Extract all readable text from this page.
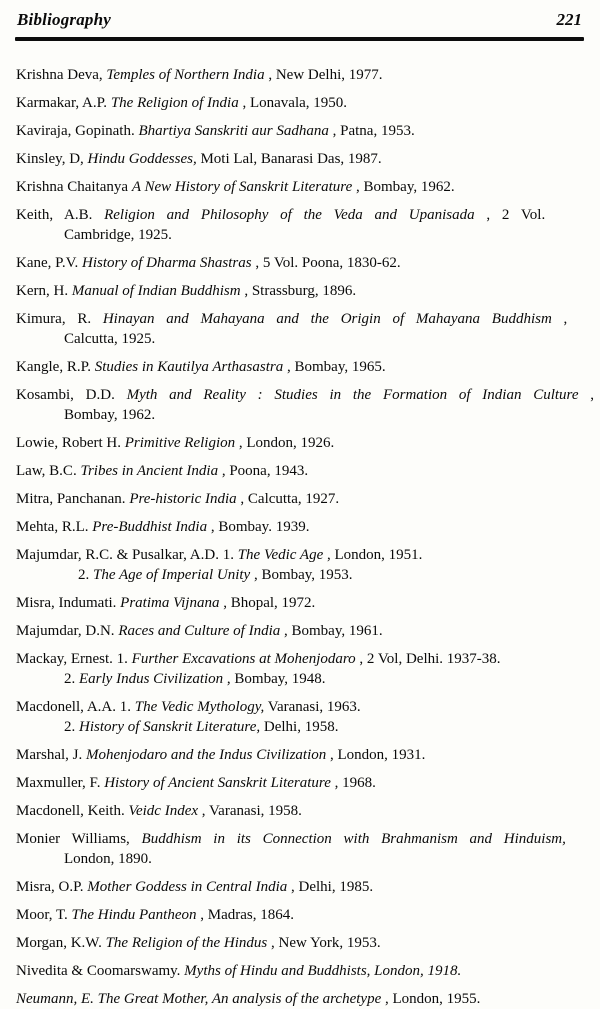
Bibliography	221
Krishna Deva, Temples of Northern India , New Delhi, 1977.
Karmakar, A.P. The Religion of India , Lonavala, 1950.
Kaviraja, Gopinath. Bhartiya Sanskriti aur Sadhana , Patna, 1953.
Kinsley, D, Hindu Goddesses, Moti Lal, Banarasi Das, 1987.
Krishna Chaitanya A New History of Sanskrit Literature , Bombay, 1962.
Keith, A.B. Religion and Philosophy of the Veda and Upanisada , 2 Vol.
Cambridge, 1925.
Kane, P.V. History of Dharma Shastras , 5 Vol. Poona, 1830-62.
Kern, H. Manual of Indian Buddhism , Strassburg, 1896.
Kimura, R. Hinayan and Mahayana and the Origin of Mahayana Buddhism ,
Calcutta, 1925.
Kangle, R.P. Studies in Kautilya Arthasastra , Bombay, 1965.
Kosambi, D.D. Myth and Reality : Studies in the Formation of Indian Culture ,
Bombay, 1962.
Lowie, Robert H. Primitive Religion , London, 1926.
Law, B.C. Tribes in Ancient India , Poona, 1943.
Mitra, Panchanan. Pre-historic India , Calcutta, 1927.
Mehta, R.L. Pre-Buddhist India , Bombay. 1939.
Majumdar, R.C. & Pusalkar, A.D. 1. The Vedic Age , London, 1951.
2. The Age of Imperial Unity , Bombay, 1953.
Misra, Indumati. Pratima Vijnana , Bhopal, 1972.
Majumdar, D.N. Races and Culture of India , Bombay, 1961.
Mackay, Ernest. 1. Further Excavations at Mohenjodaro , 2 Vol, Delhi. 1937-38.
2. Early Indus Civilization , Bombay, 1948.
Macdonell, A.A. 1. The Vedic Mythology, Varanasi, 1963.
2. History of Sanskrit Literature, Delhi, 1958.
Marshal, J. Mohenjodaro and the Indus Civilization , London, 1931.
Maxmuller, F. History of Ancient Sanskrit Literature , 1968.
Macdonell, Keith. Veidc Index , Varanasi, 1958.
Monier Williams, Buddhism in its Connection with Brahmanism and Hinduism,
London, 1890.
Misra, O.P. Mother Goddess in Central India , Delhi, 1985.
Moor, T. The Hindu Pantheon , Madras, 1864.
Morgan, K.W. The Religion of the Hindus , New York, 1953.
Nivedita & Coomarswamy. Myths of Hindu and Buddhists, London, 1918.
Neumann, E. The Great Mother, An analysis of the archetype , London, 1955.
